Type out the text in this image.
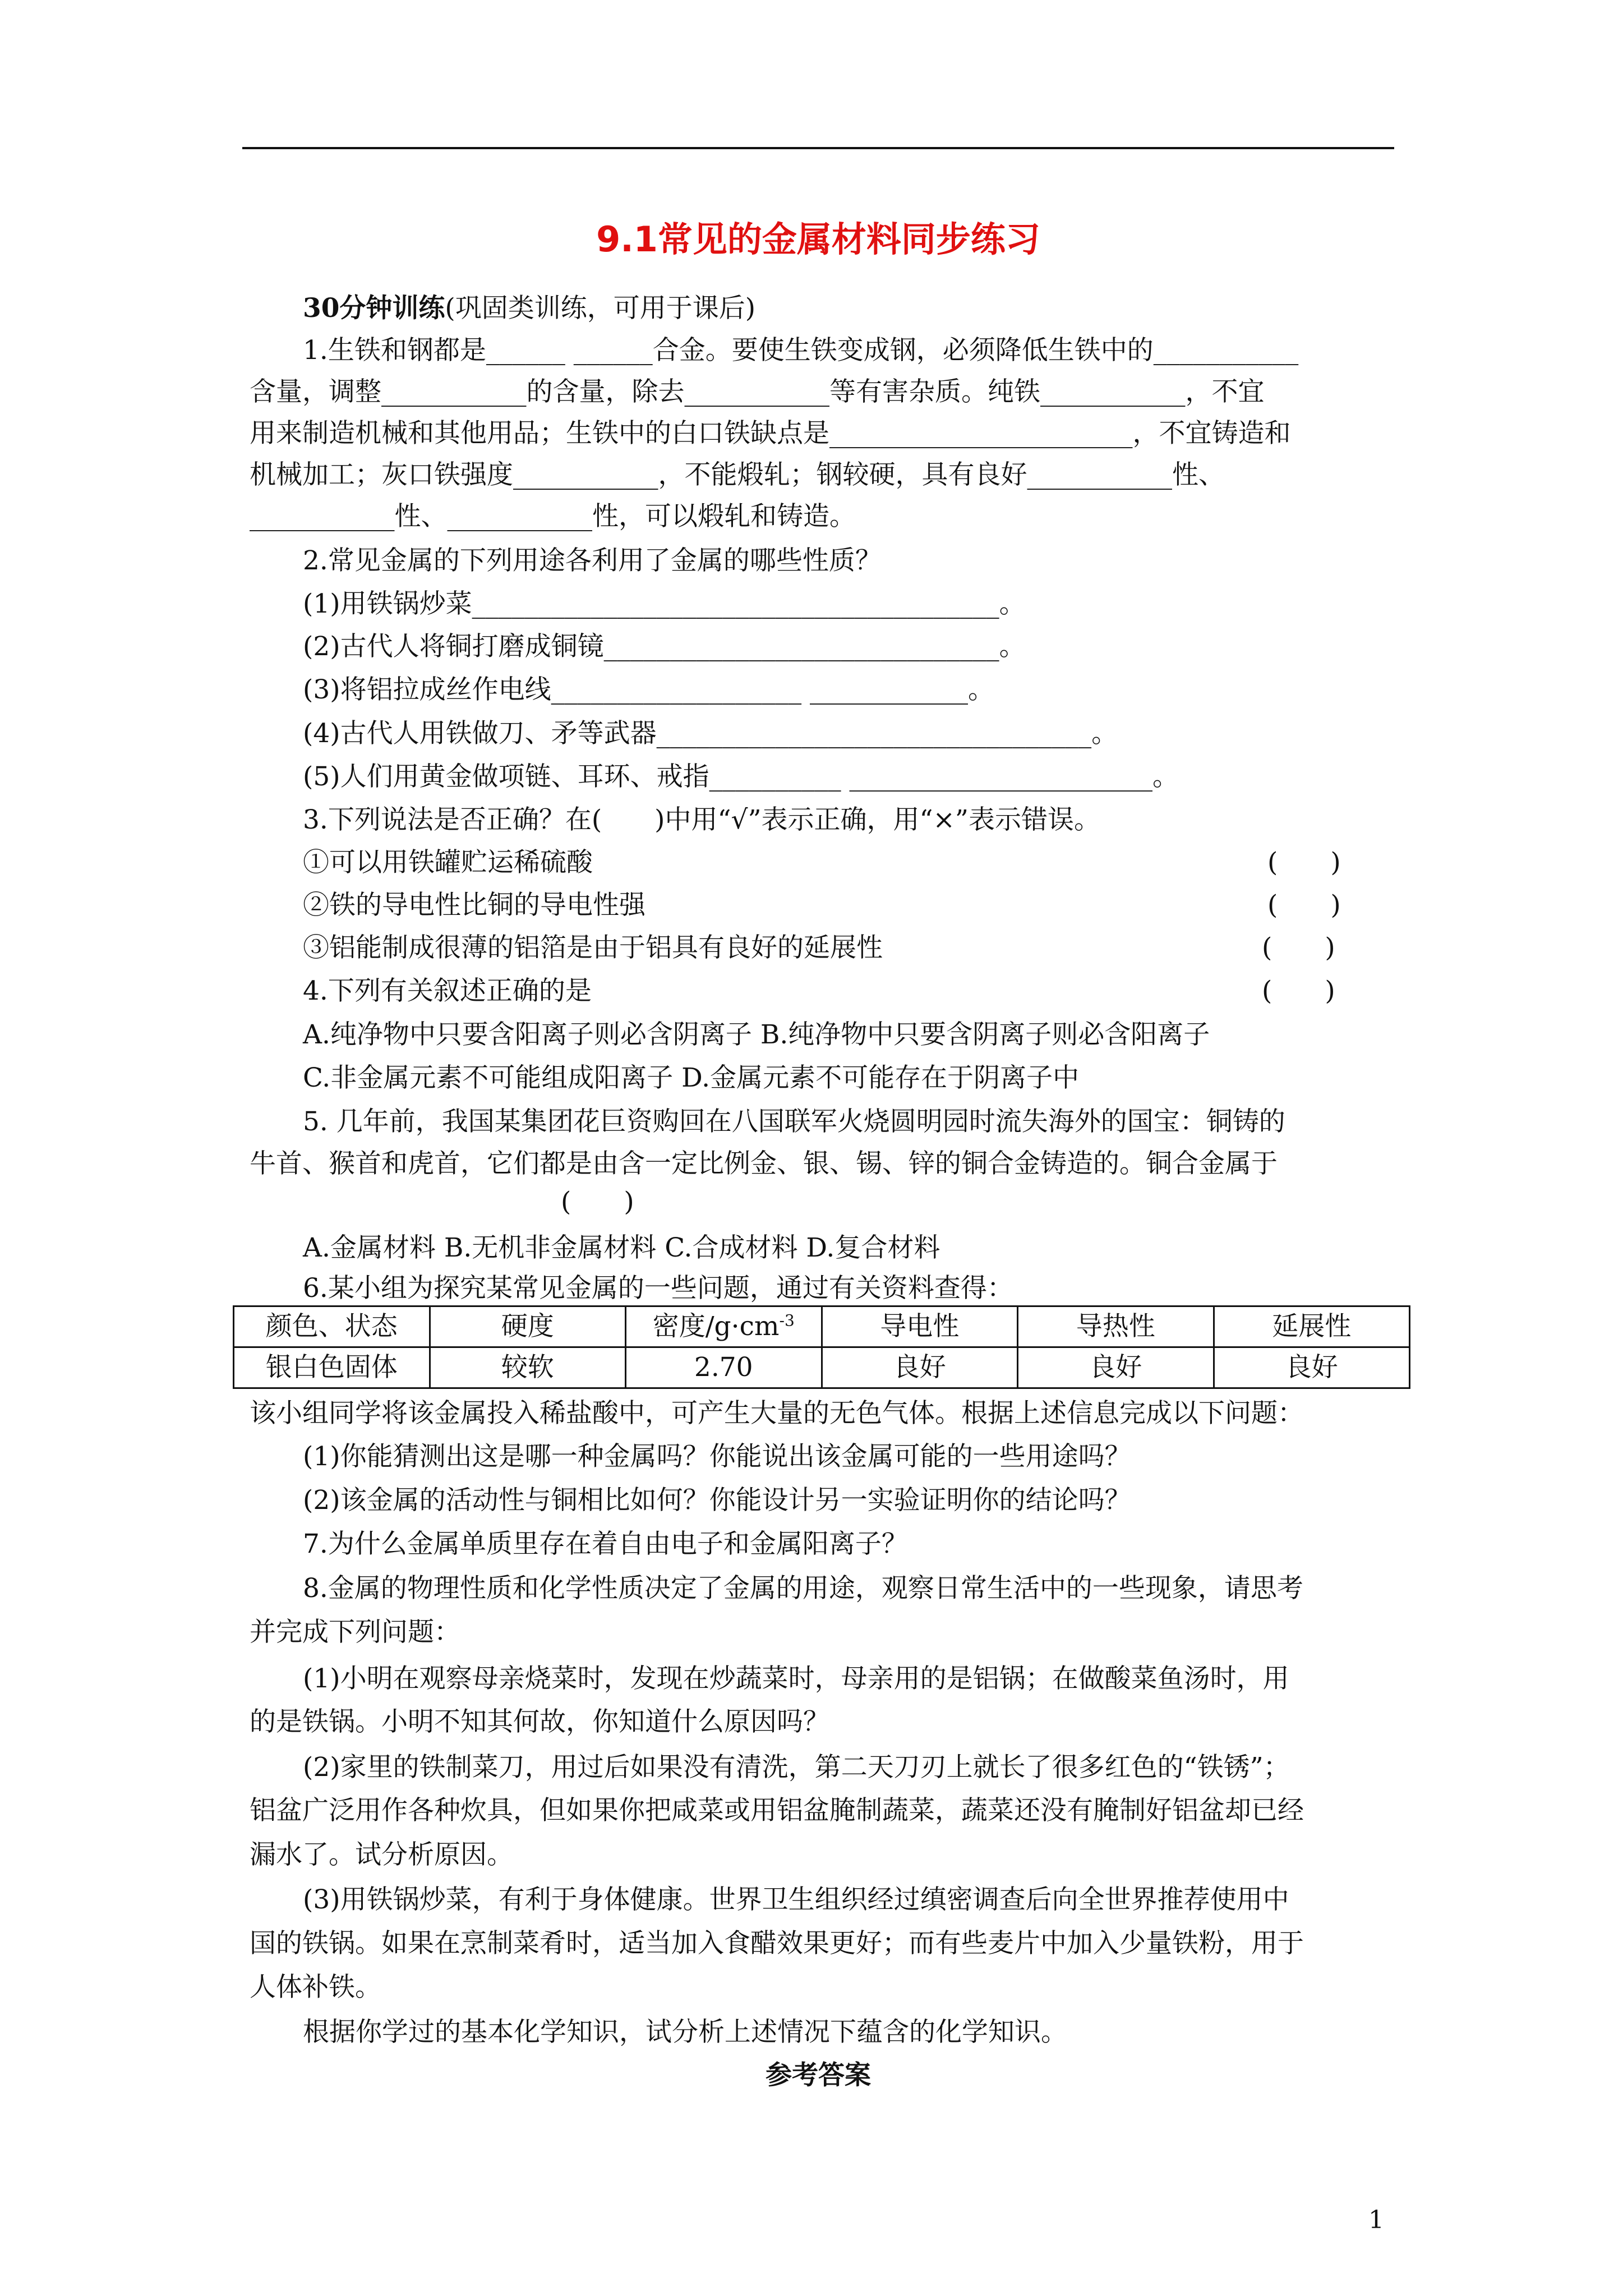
9.1常见的金属材料同步练习
30分钟训练(巩固类训练，可用于课后)
1.生铁和钢都是______ ______合金。要使生铁变成钢，必须降低生铁中的___________
含量，调整___________的含量，除去___________等有害杂质。纯铁___________，不宜
用来制造机械和其他用品；生铁中的白口铁缺点是_______________________，不宜铸造和
机械加工；灰口铁强度___________，不能煅轧；钢较硬，具有良好___________性、
___________性、___________性，可以煅轧和铸造。
2.常见金属的下列用途各利用了金属的哪些性质？
(1)用铁锅炒菜________________________________________。
(2)古代人将铜打磨成铜镜______________________________。
(3)将铝拉成丝作电线___________________ ____________。
(4)古代人用铁做刀、矛等武器_________________________________。
(5)人们用黄金做项链、耳环、戒指__________ _______________________。
3.下列说法是否正确？在(　　)中用“√”表示正确，用“×”表示错误。
①可以用铁罐贮运稀硫酸	(　　)
②铁的导电性比铜的导电性强	(　　)
③铝能制成很薄的铝箔是由于铝具有良好的延展性	(　　)
4.下列有关叙述正确的是	(　　)
A.纯净物中只要含阳离子则必含阴离子 B.纯净物中只要含阴离子则必含阳离子
C.非金属元素不可能组成阳离子 D.金属元素不可能存在于阴离子中
5. 几年前，我国某集团花巨资购回在八国联军火烧圆明园时流失海外的国宝：铜铸的
牛首、猴首和虎首，它们都是由含一定比例金、银、锡、锌的铜合金铸造的。铜合金属于
(　　)
A.金属材料 B.无机非金属材料 C.合成材料 D.复合材料
6.某小组为探究某常见金属的一些问题，通过有关资料查得：
颜色、状态	硬度	密度$/g\cdot cm^{-3}$	导电性	导热性	延展性
银白色固体	较软	2.70	良好	良好	良好
该小组同学将该金属投入稀盐酸中，可产生大量的无色气体。根据上述信息完成以下问题：
(1)你能猜测出这是哪一种金属吗？你能说出该金属可能的一些用途吗？
(2)该金属的活动性与铜相比如何？你能设计另一实验证明你的结论吗？
7.为什么金属单质里存在着自由电子和金属阳离子？
8.金属的物理性质和化学性质决定了金属的用途，观察日常生活中的一些现象，请思考
并完成下列问题：
(1)小明在观察母亲烧菜时，发现在炒蔬菜时，母亲用的是铝锅；在做酸菜鱼汤时，用
的是铁锅。小明不知其何故，你知道什么原因吗？
(2)家里的铁制菜刀，用过后如果没有清洗，第二天刀刃上就长了很多红色的“铁锈”；
铝盆广泛用作各种炊具，但如果你把咸菜或用铝盆腌制蔬菜，蔬菜还没有腌制好铝盆却已经
漏水了。试分析原因。
(3)用铁锅炒菜，有利于身体健康。世界卫生组织经过缜密调查后向全世界推荐使用中
国的铁锅。如果在烹制菜肴时，适当加入食醋效果更好；而有些麦片中加入少量铁粉，用于
人体补铁。
根据你学过的基本化学知识，试分析上述情况下蕴含的化学知识。
参考答案
1
